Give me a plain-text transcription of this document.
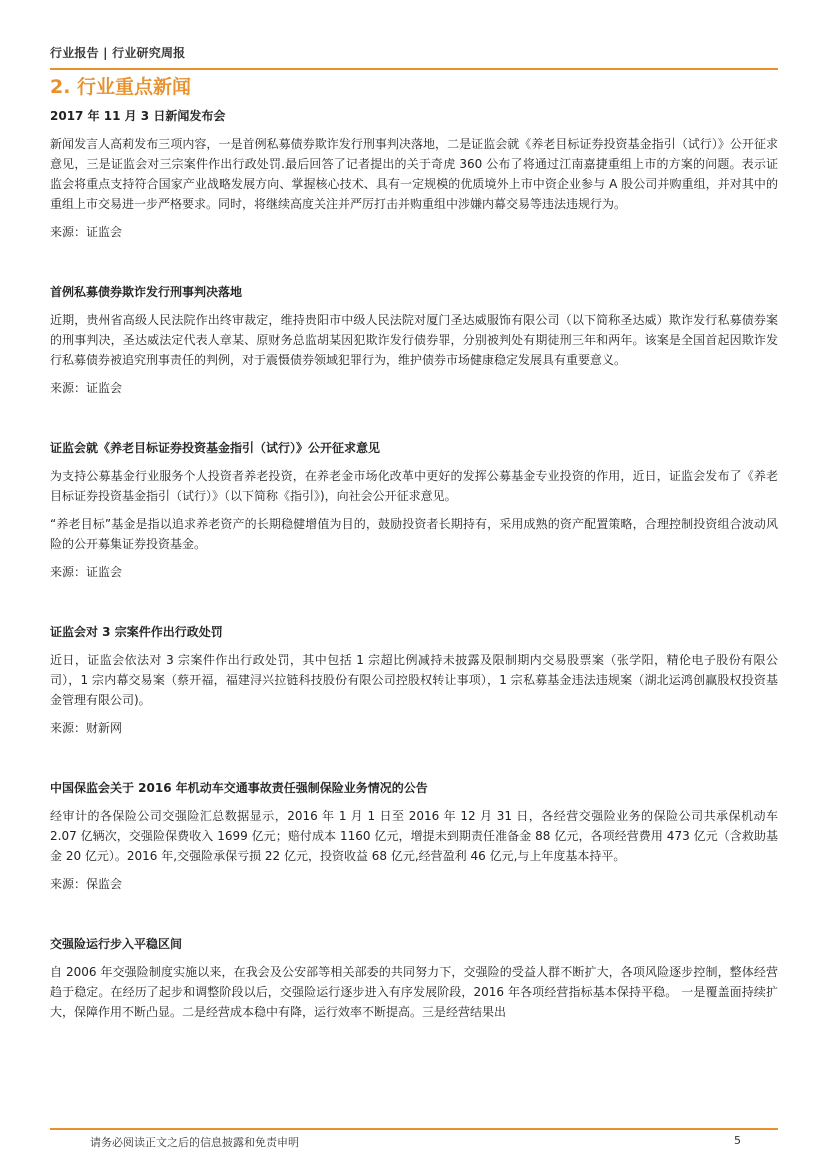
行业报告 | 行业研究周报
2. 行业重点新闻

2017 年 11 月 3 日新闻发布会

新闻发言人高莉发布三项内容，一是首例私募债券欺诈发行刑事判决落地，二是证监会就《养老目标证券投资基金指引（试行）》公开征求意见，三是证监会对三宗案件作出行政处罚.最后回答了记者提出的关于奇虎 360 公布了将通过江南嘉捷重组上市的方案的问题。表示证监会将重点支持符合国家产业战略发展方向、掌握核心技术、具有一定规模的优质境外上市中资企业参与 A 股公司并购重组，并对其中的重组上市交易进一步严格要求。同时，将继续高度关注并严厉打击并购重组中涉嫌内幕交易等违法违规行为。

来源：证监会

首例私募债券欺诈发行刑事判决落地

近期，贵州省高级人民法院作出终审裁定，维持贵阳市中级人民法院对厦门圣达威服饰有限公司（以下简称圣达威）欺诈发行私募债券案的刑事判决，圣达威法定代表人章某、原财务总监胡某因犯欺诈发行债券罪，分别被判处有期徒刑三年和两年。该案是全国首起因欺诈发行私募债券被追究刑事责任的判例，对于震慑债券领域犯罪行为，维护债券市场健康稳定发展具有重要意义。

来源：证监会

证监会就《养老目标证券投资基金指引（试行）》公开征求意见

为支持公募基金行业服务个人投资者养老投资，在养老金市场化改革中更好的发挥公募基金专业投资的作用，近日，证监会发布了《养老目标证券投资基金指引（试行）》（以下简称《指引》)，向社会公开征求意见。

“养老目标”基金是指以追求养老资产的长期稳健增值为目的，鼓励投资者长期持有，采用成熟的资产配置策略，合理控制投资组合波动风险的公开募集证券投资基金。

来源：证监会

证监会对 3 宗案件作出行政处罚

近日，证监会依法对 3 宗案件作出行政处罚，其中包括 1 宗超比例减持未披露及限制期内交易股票案（张学阳，精伦电子股份有限公司），1 宗内幕交易案（蔡开福，福建浔兴拉链科技股份有限公司控股权转让事项），1 宗私募基金违法违规案（湖北运鸿创赢股权投资基金管理有限公司)。

来源：财新网

中国保监会关于 2016 年机动车交通事故责任强制保险业务情况的公告

经审计的各保险公司交强险汇总数据显示，2016 年 1 月 1 日至 2016 年 12 月 31 日，各经营交强险业务的保险公司共承保机动车 2.07 亿辆次，交强险保费收入 1699 亿元；赔付成本 1160 亿元，增提未到期责任准备金 88 亿元，各项经营费用 473 亿元（含救助基金 20 亿元）。2016 年,交强险承保亏损 22 亿元，投资收益 68 亿元,经营盈利 46 亿元,与上年度基本持平。

来源：保监会

交强险运行步入平稳区间

自 2006 年交强险制度实施以来，在我会及公安部等相关部委的共同努力下，交强险的受益人群不断扩大，各项风险逐步控制，整体经营趋于稳定。在经历了起步和调整阶段以后，交强险运行逐步进入有序发展阶段，2016 年各项经营指标基本保持平稳。 一是覆盖面持续扩大，保障作用不断凸显。二是经营成本稳中有降，运行效率不断提高。三是经营结果出

请务必阅读正文之后的信息披露和免责申明	5
